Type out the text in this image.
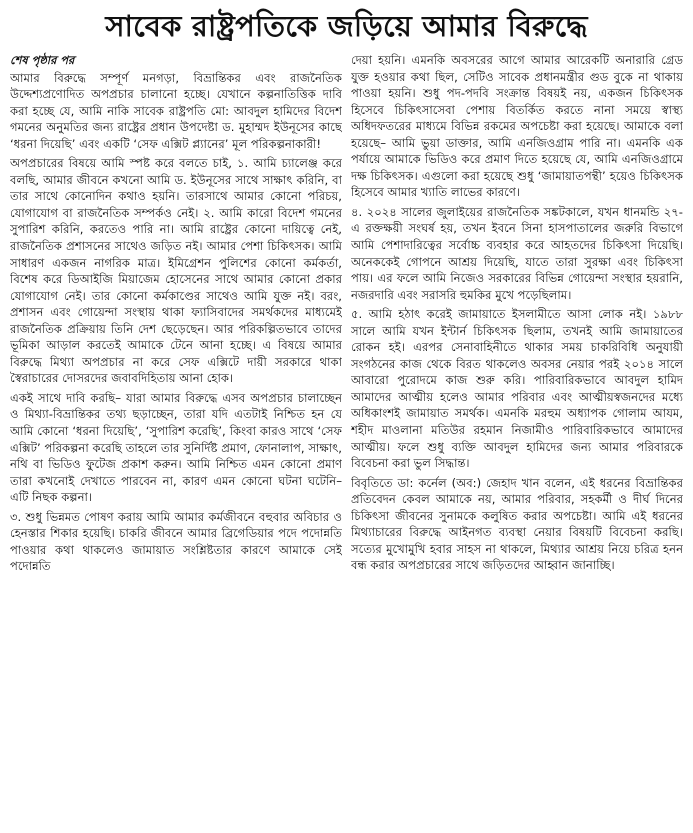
সাবেক রাষ্ট্রপতিকে জড়িয়ে আমার বিরুদ্ধে
শেষ পৃষ্ঠার পর

আমার বিরুদ্ধে সম্পূর্ণ মনগড়া, বিভ্রান্তিকর এবং রাজনৈতিক উদ্দেশ্যপ্রণোদিত অপপ্রচার চালানো হচ্ছে। যেখানে কল্পনাতিত্তিক দাবি করা হচ্ছে যে, আমি নাকি সাবেক রাষ্ট্রপতি মো: আবদুল হামিদের বিদেশ গমনের অনুমতির জন্য রাষ্ট্রের প্রধান উপদেষ্টা ড. মুহাম্মদ ইউনূসের কাছে ‘ধরনা দিয়েছি’ এবং একটি ‘সেফ এক্সিট প্ল্যানের’ মূল পরিকল্পনাকারী!

অপপ্রচারের বিষয়ে আমি স্পষ্ট করে বলতে চাই, ১. আমি চ্যালেঞ্জ করে বলছি, আমার জীবনে কখনো আমি ড. ইউনূসের সাথে সাক্ষাৎ করিনি, বা তার সাথে কোনোদিন কথাও হয়নি। তারসাথে আমার কোনো পরিচয়, যোগাযোগ বা রাজনৈতিক সম্পর্কও নেই। ২. আমি কারো বিদেশ গমনের সুপারিশ করিনি, করতেও পারি না। আমি রাষ্ট্রের কোনো দায়িত্বে নেই, রাজনৈতিক প্রশাসনের সাথেও জড়িত নই। আমার পেশা চিকিৎসক। আমি সাধারণ একজন নাগরিক মাত্র। ইমিগ্রেশন পুলিশের কোনো কর্মকর্তা, বিশেষ করে ডিআইজি মিয়াজেম হোসেনের সাথে আমার কোনো প্রকার যোগাযোগ নেই। তার কোনো কর্মকাণ্ডের সাথেও আমি যুক্ত নই। বরং, প্রশাসন এবং গোয়েন্দা সংস্থায় থাকা ফ্যাসিবাদের সমর্থকদের মাধ্যমেই রাজনৈতিক প্রক্রিয়ায় তিনি দেশ ছেড়েছেন। আর পরিকল্পিতভাবে তাদের ভূমিকা আড়াল করতেই আমাকে টেনে আনা হচ্ছে। এ বিষয়ে আমার বিরুদ্ধে মিথ্যা অপপ্রচার না করে সেফ এক্সিটে দায়ী সরকারে থাকা স্বৈরাচারের দোসরদের জবাবদিহিতায় আনা হোক।

একই সাথে দাবি করছি– যারা আমার বিরুদ্ধে এসব অপপ্রচার চালাচ্ছেন ও মিথ্যা-বিভ্রান্তিকর তথ্য ছড়াচ্ছেন, তারা যদি এতটাই নিশ্চিত হন যে আমি কোনো ‘ধরনা দিয়েছি’, ‘সুপারিশ করেছি’, কিংবা কারও সাথে ‘সেফ এক্সিট’ পরিকল্পনা করেছি তাহলে তার সুনির্দিষ্ট প্রমাণ, ফোনালাপ, সাক্ষাৎ, নথি বা ভিডিও ফুটেজ প্রকাশ করুন। আমি নিশ্চিত এমন কোনো প্রমাণ তারা কখনোই দেখাতে পারবেন না, কারণ এমন কোনো ঘটনা ঘটেনি– এটি নিছক কল্পনা।

৩. শুধু ভিন্নমত পোষণ করায় আমি আমার কর্মজীবনে বহুবার অবিচার ও হেনস্তার শিকার হয়েছি। চাকরি জীবনে আমার ব্রিগেডিয়ার পদে পদোন্নতি পাওয়ার কথা থাকলেও জামায়াত সংশ্লিষ্টতার কারণে আমাকে সেই পদোন্নতি

দেয়া হয়নি। এমনকি অবসরের আগে আমার আরেকটি অনারারি গ্রেড যুক্ত হওয়ার কথা ছিল, সেটিও সাবেক প্রধানমন্ত্রীর গুড বুকে না থাকায় পাওয়া হয়নি। শুধু পদ-পদবি সংক্রান্ত বিষয়ই নয়, একজন চিকিৎসক হিসেবে চিকিৎসাসেবা পেশায় বিতর্কিত করতে নানা সময়ে স্বাস্থ্য অধিদফতরের মাধ্যমে বিভিন্ন রকমের অপচেষ্টা করা হয়েছে। আমাকে বলা হয়েছে– আমি ভুয়া ডাক্তার, আমি এনজিওগ্রাম পারি না। এমনকি এক পর্যায়ে আমাকে ভিডিও করে প্রমাণ দিতে হয়েছে যে, আমি এনজিওগ্রামে দক্ষ চিকিৎসক। এগুলো করা হয়েছে শুধু ‘জামায়াতপন্থী’ হয়েও চিকিৎসক হিসেবে আমার খ্যাতি লাভের কারণে।

৪. ২০২৪ সালের জুলাইয়ের রাজনৈতিক সঙ্কটকালে, যখন ধানমন্ডি ২৭-এ রক্তক্ষয়ী সংঘর্ষ হয়, তখন ইবনে সিনা হাসপাতালের জরুরি বিভাগে আমি পেশাদারিত্বের সর্বোচ্চ ব্যবহার করে আহতদের চিকিৎসা দিয়েছি। অনেককেই গোপনে আশ্রয় দিয়েছি, যাতে তারা সুরক্ষা এবং চিকিৎসা পায়। এর ফলে আমি নিজেও সরকারের বিভিন্ন গোয়েন্দা সংস্থার হয়রানি, নজরদারি এবং সরাসরি হুমকির মুখে পড়েছিলাম।

৫. আমি হঠাৎ করেই জামায়াতে ইসলামীতে আসা লোক নই। ১৯৮৮ সালে আমি যখন ইন্টার্ন চিকিৎসক ছিলাম, তখনই আমি জামায়াতের রোকন হই। এরপর সেনাবাহিনীতে থাকার সময় চাকরিবিধি অনুযায়ী সংগঠনের কাজ থেকে বিরত থাকলেও অবসর নেয়ার পরই ২০১৪ সালে আবারো পুরোদমে কাজ শুরু করি। পারিবারিকভাবে আবদুল হামিদ আমাদের আত্মীয় হলেও আমার পরিবার এবং আত্মীয়স্বজনদের মধ্যে অধিকাংশই জামায়াত সমর্থক। এমনকি মরহুম অধ্যাপক গোলাম আযম, শহীদ মাওলানা মতিউর রহমান নিজামীও পারিবারিকভাবে আমাদের আত্মীয়। ফলে শুধু ব্যক্তি আবদুল হামিদের জন্য আমার পরিবারকে বিবেচনা করা ভুল সিদ্ধান্ত।

বিবৃতিতে ডা: কর্নেল (অব:) জেহাদ খান বলেন, এই ধরনের বিভ্রান্তিকর প্রতিবেদন কেবল আমাকে নয়, আমার পরিবার, সহকর্মী ও দীর্ঘ দিনের চিকিৎসা জীবনের সুনামকে কলুষিত করার অপচেষ্টা। আমি এই ধরনের মিথ্যাচারের বিরুদ্ধে আইনগত ব্যবস্থা নেয়ার বিষয়টি বিবেচনা করছি। সত্যের মুখোমুখি হবার সাহস না থাকলে, মিথ্যার আশ্রয় নিয়ে চরিত্র হনন বন্ধ করার অপপ্রচারের সাথে জড়িতদের আহ্বান জানাচ্ছি।
